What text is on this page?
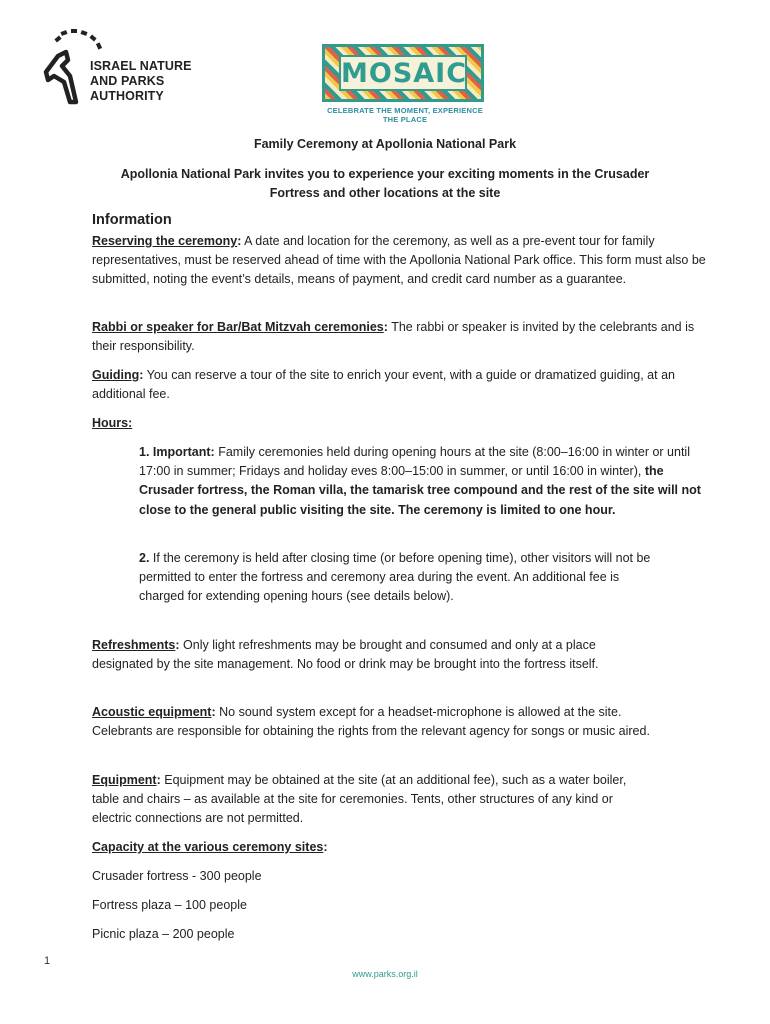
ISRAEL NATURE
AND PARKS
AUTHORITY
MOSAIC
CELEBRATE THE MOMENT, EXPERIENCE THE PLACE
Family Ceremony at Apollonia National Park
Apollonia National Park invites you to experience your exciting moments in the Crusader Fortress and other locations at the site
Information
Reserving the ceremony: A date and location for the ceremony, as well as a pre-event tour for family representatives, must be reserved ahead of time with the Apollonia National Park office. This form must also be submitted, noting the event’s details, means of payment, and credit card number as a guarantee.
Rabbi or speaker for Bar/Bat Mitzvah ceremonies: The rabbi or speaker is invited by the celebrants and is their responsibility.
Guiding: You can reserve a tour of the site to enrich your event, with a guide or dramatized guiding, at an additional fee.
Hours:
1. Important: Family ceremonies held during opening hours at the site (8:00–16:00 in winter or until 17:00 in summer; Fridays and holiday eves 8:00–15:00 in summer, or until 16:00 in winter), the Crusader fortress, the Roman villa, the tamarisk tree compound and the rest of the site will not close to the general public visiting the site. The ceremony is limited to one hour.
2. If the ceremony is held after closing time (or before opening time), other visitors will not be permitted to enter the fortress and ceremony area during the event. An additional fee is charged for extending opening hours (see details below).
Refreshments: Only light refreshments may be brought and consumed and only at a place designated by the site management. No food or drink may be brought into the fortress itself.
Acoustic equipment: No sound system except for a headset-microphone is allowed at the site. Celebrants are responsible for obtaining the rights from the relevant agency for songs or music aired.
Equipment: Equipment may be obtained at the site (at an additional fee), such as a water boiler, table and chairs – as available at the site for ceremonies. Tents, other structures of any kind or electric connections are not permitted.
Capacity at the various ceremony sites:
Crusader fortress - 300 people
Fortress plaza – 100 people
Picnic plaza – 200 people
1
www.parks.org.il
